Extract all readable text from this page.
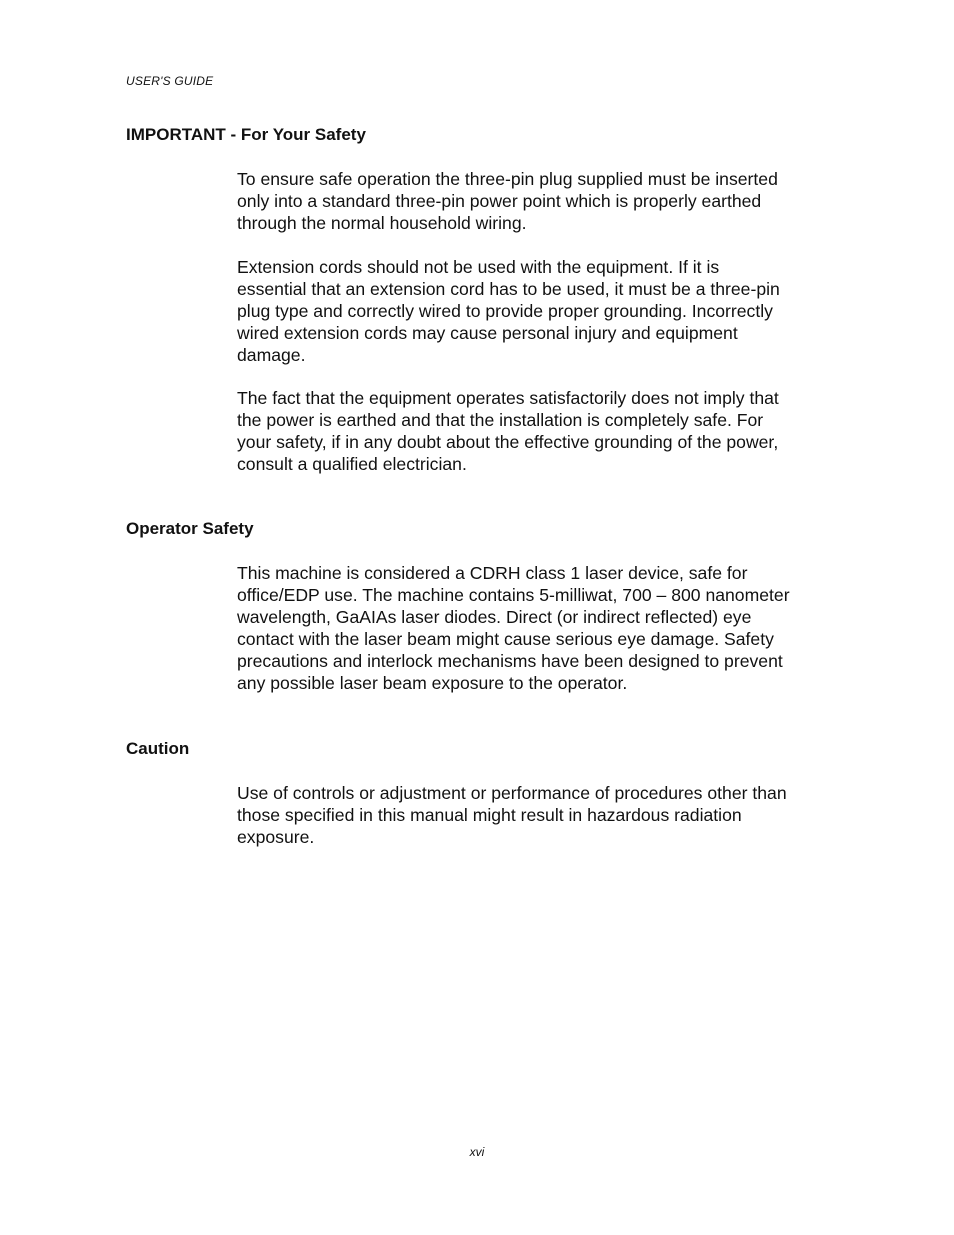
USER'S GUIDE

IMPORTANT - For Your Safety

To ensure safe operation the three-pin plug supplied must be inserted
only into a standard three-pin power point which is properly earthed
through the normal household wiring.

Extension cords should not be used with the equipment. If it is
essential that an extension cord has to be used, it must be a three-pin
plug type and correctly wired to provide proper grounding. Incorrectly
wired extension cords may cause personal injury and equipment
damage.

The fact that the equipment operates satisfactorily does not imply that
the power is earthed and that the installation is completely safe. For
your safety, if in any doubt about the effective grounding of the power,
consult a qualified electrician.

Operator Safety

This machine is considered a CDRH class 1 laser device, safe for
office/EDP use. The machine contains 5-milliwat, 700 – 800 nanometer
wavelength, GaAIAs laser diodes. Direct (or indirect reflected) eye
contact with the laser beam might cause serious eye damage. Safety
precautions and interlock mechanisms have been designed to prevent
any possible laser beam exposure to the operator.

Caution

Use of controls or adjustment or performance of procedures other than
those specified in this manual might result in hazardous radiation
exposure.

xvi
